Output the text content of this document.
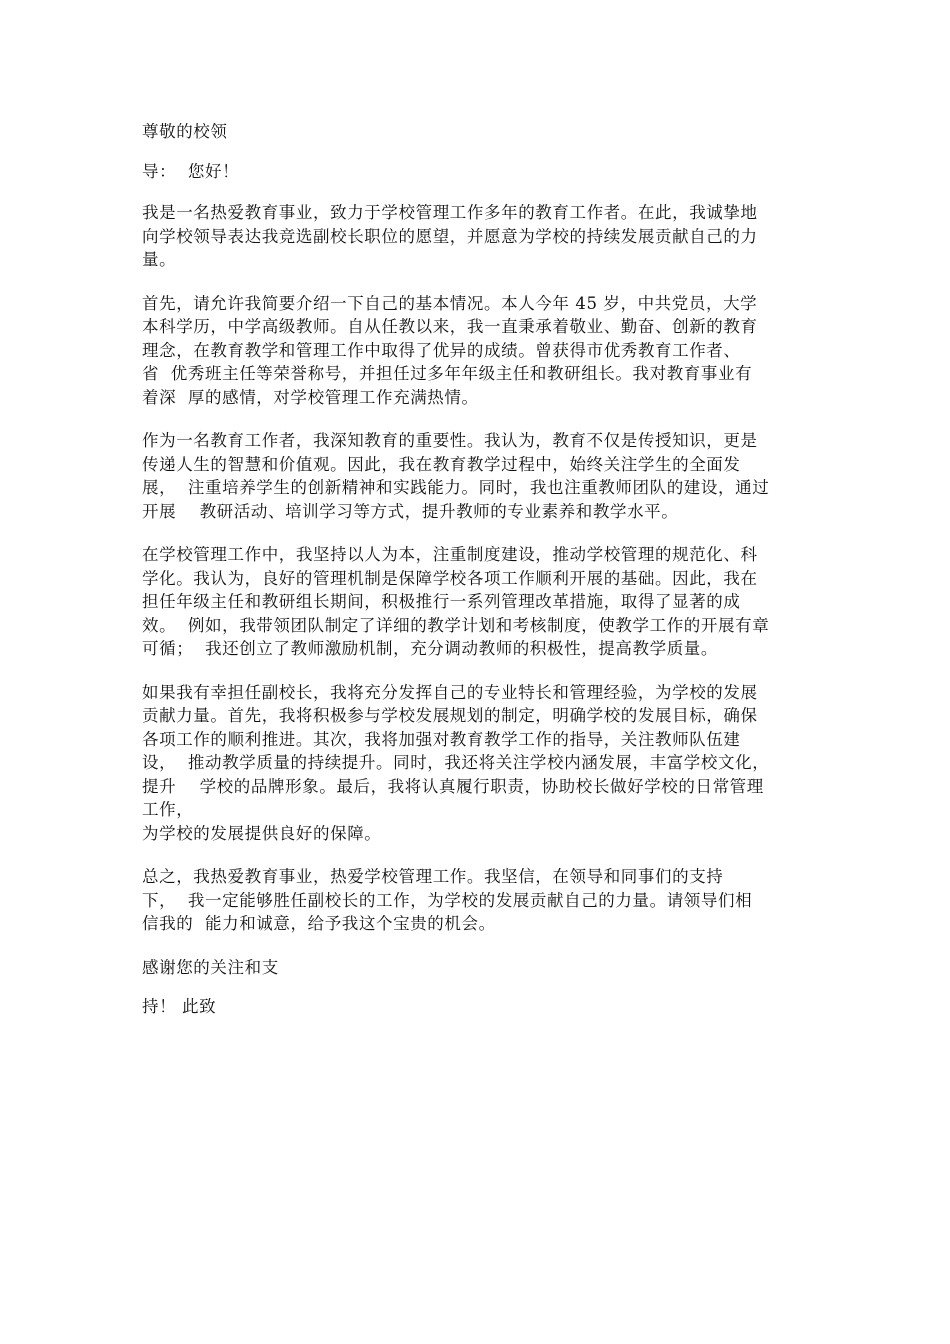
尊敬的校领
导：  您好！
我是一名热爱教育事业，致力于学校管理工作多年的教育工作者。在此，我诚挚地
向学校领导表达我竞选副校长职位的愿望，并愿意为学校的持续发展贡献自己的力
量。
首先，请允许我简要介绍一下自己的基本情况。本人今年 45 岁，中共党员，大学
本科学历，中学高级教师。自从任教以来，我一直秉承着敬业、勤奋、创新的教育
理念，在教育教学和管理工作中取得了优异的成绩。曾获得市优秀教育工作者、
省  优秀班主任等荣誉称号，并担任过多年年级主任和教研组长。我对教育事业有
着深  厚的感情，对学校管理工作充满热情。
作为一名教育工作者，我深知教育的重要性。我认为，教育不仅是传授知识，更是
传递人生的智慧和价值观。因此，我在教育教学过程中，始终关注学生的全面发
展，  注重培养学生的创新精神和实践能力。同时，我也注重教师团队的建设，通过
开展    教研活动、培训学习等方式，提升教师的专业素养和教学水平。
在学校管理工作中，我坚持以人为本，注重制度建设，推动学校管理的规范化、科
学化。我认为，良好的管理机制是保障学校各项工作顺利开展的基础。因此，我在
担任年级主任和教研组长期间，积极推行一系列管理改革措施，取得了显著的成
效。  例如，我带领团队制定了详细的教学计划和考核制度，使教学工作的开展有章
可循；  我还创立了教师激励机制，充分调动教师的积极性，提高教学质量。
如果我有幸担任副校长，我将充分发挥自己的专业特长和管理经验，为学校的发展
贡献力量。首先，我将积极参与学校发展规划的制定，明确学校的发展目标，确保
各项工作的顺利推进。其次，我将加强对教育教学工作的指导，关注教师队伍建
设，  推动教学质量的持续提升。同时，我还将关注学校内涵发展，丰富学校文化，
提升    学校的品牌形象。最后，我将认真履行职责，协助校长做好学校的日常管理
工作，
为学校的发展提供良好的保障。
总之，我热爱教育事业，热爱学校管理工作。我坚信，在领导和同事们的支持
下，  我一定能够胜任副校长的工作，为学校的发展贡献自己的力量。请领导们相
信我的  能力和诚意，给予我这个宝贵的机会。
感谢您的关注和支
持！ 此致
